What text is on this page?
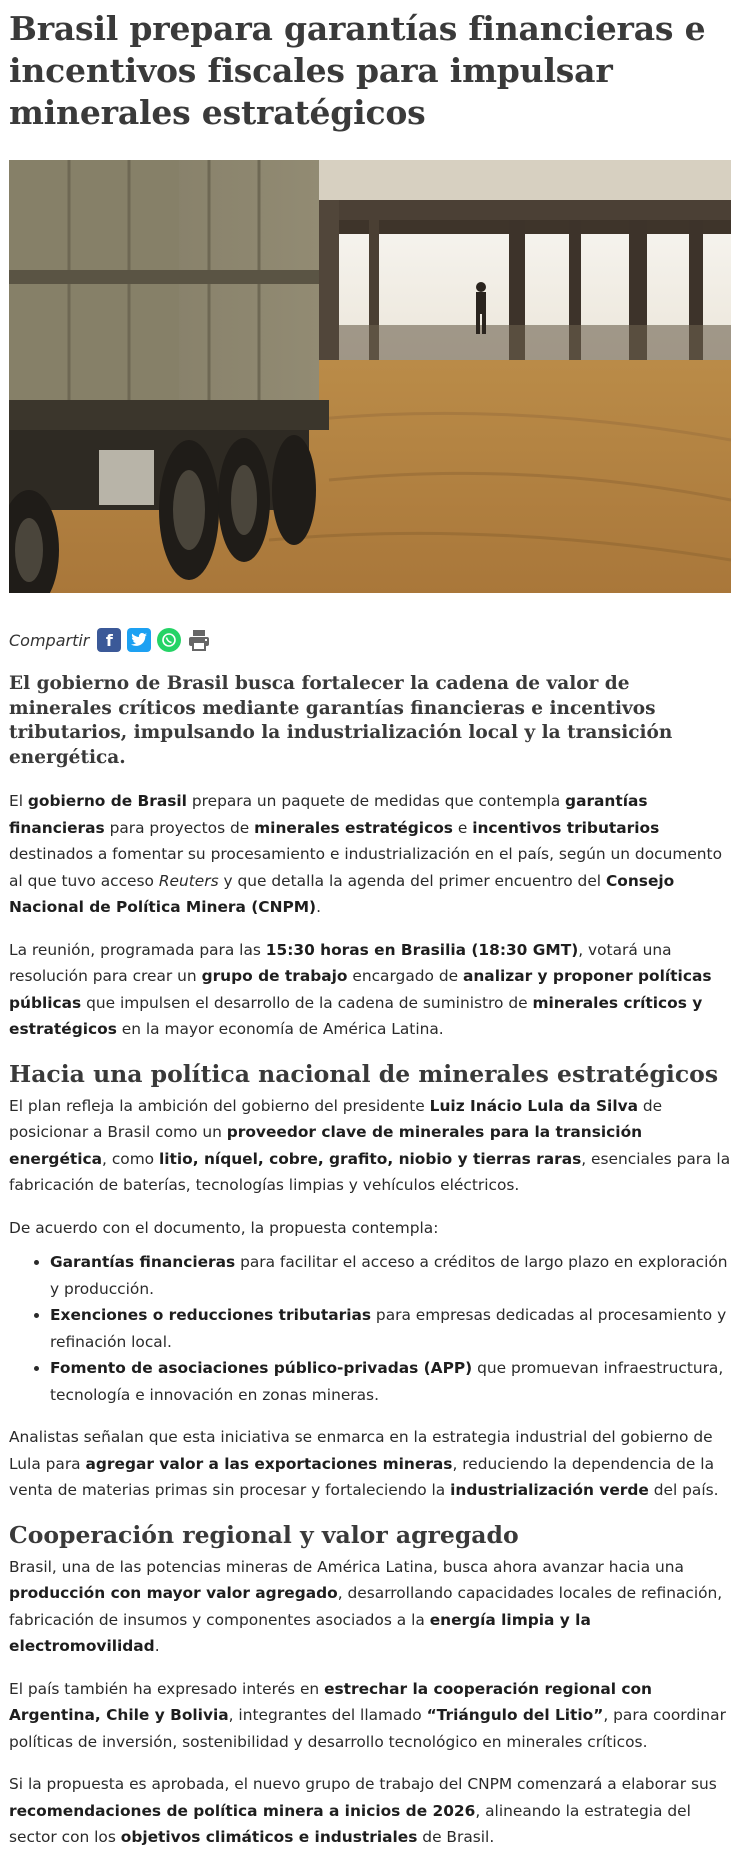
Brasil prepara garantías financieras e incentivos fiscales para impulsar minerales estratégicos
Compartir	f
El gobierno de Brasil busca fortalecer la cadena de valor de minerales críticos mediante garantías financieras e incentivos tributarios, impulsando la industrialización local y la transición energética.

El gobierno de Brasil prepara un paquete de medidas que contempla garantías financieras para proyectos de minerales estratégicos e incentivos tributarios destinados a fomentar su procesamiento e industrialización en el país, según un documento al que tuvo acceso Reuters y que detalla la agenda del primer encuentro del Consejo Nacional de Política Minera (CNPM).

La reunión, programada para las 15:30 horas en Brasilia (18:30 GMT), votará una resolución para crear un grupo de trabajo encargado de analizar y proponer políticas públicas que impulsen el desarrollo de la cadena de suministro de minerales críticos y estratégicos en la mayor economía de América Latina.

Hacia una política nacional de minerales estratégicos

El plan refleja la ambición del gobierno del presidente Luiz Inácio Lula da Silva de posicionar a Brasil como un proveedor clave de minerales para la transición energética, como litio, níquel, cobre, grafito, niobio y tierras raras, esenciales para la fabricación de baterías, tecnologías limpias y vehículos eléctricos.

De acuerdo con el documento, la propuesta contempla:

• Garantías financieras para facilitar el acceso a créditos de largo plazo en exploración y producción.
• Exenciones o reducciones tributarias para empresas dedicadas al procesamiento y refinación local.
• Fomento de asociaciones público-privadas (APP) que promuevan infraestructura, tecnología e innovación en zonas mineras.

Analistas señalan que esta iniciativa se enmarca en la estrategia industrial del gobierno de Lula para agregar valor a las exportaciones mineras, reduciendo la dependencia de la venta de materias primas sin procesar y fortaleciendo la industrialización verde del país.

Cooperación regional y valor agregado

Brasil, una de las potencias mineras de América Latina, busca ahora avanzar hacia una producción con mayor valor agregado, desarrollando capacidades locales de refinación, fabricación de insumos y componentes asociados a la energía limpia y la electromovilidad.

El país también ha expresado interés en estrechar la cooperación regional con Argentina, Chile y Bolivia, integrantes del llamado “Triángulo del Litio”, para coordinar políticas de inversión, sostenibilidad y desarrollo tecnológico en minerales críticos.

Si la propuesta es aprobada, el nuevo grupo de trabajo del CNPM comenzará a elaborar sus recomendaciones de política minera a inicios de 2026, alineando la estrategia del sector con los objetivos climáticos e industriales de Brasil.
